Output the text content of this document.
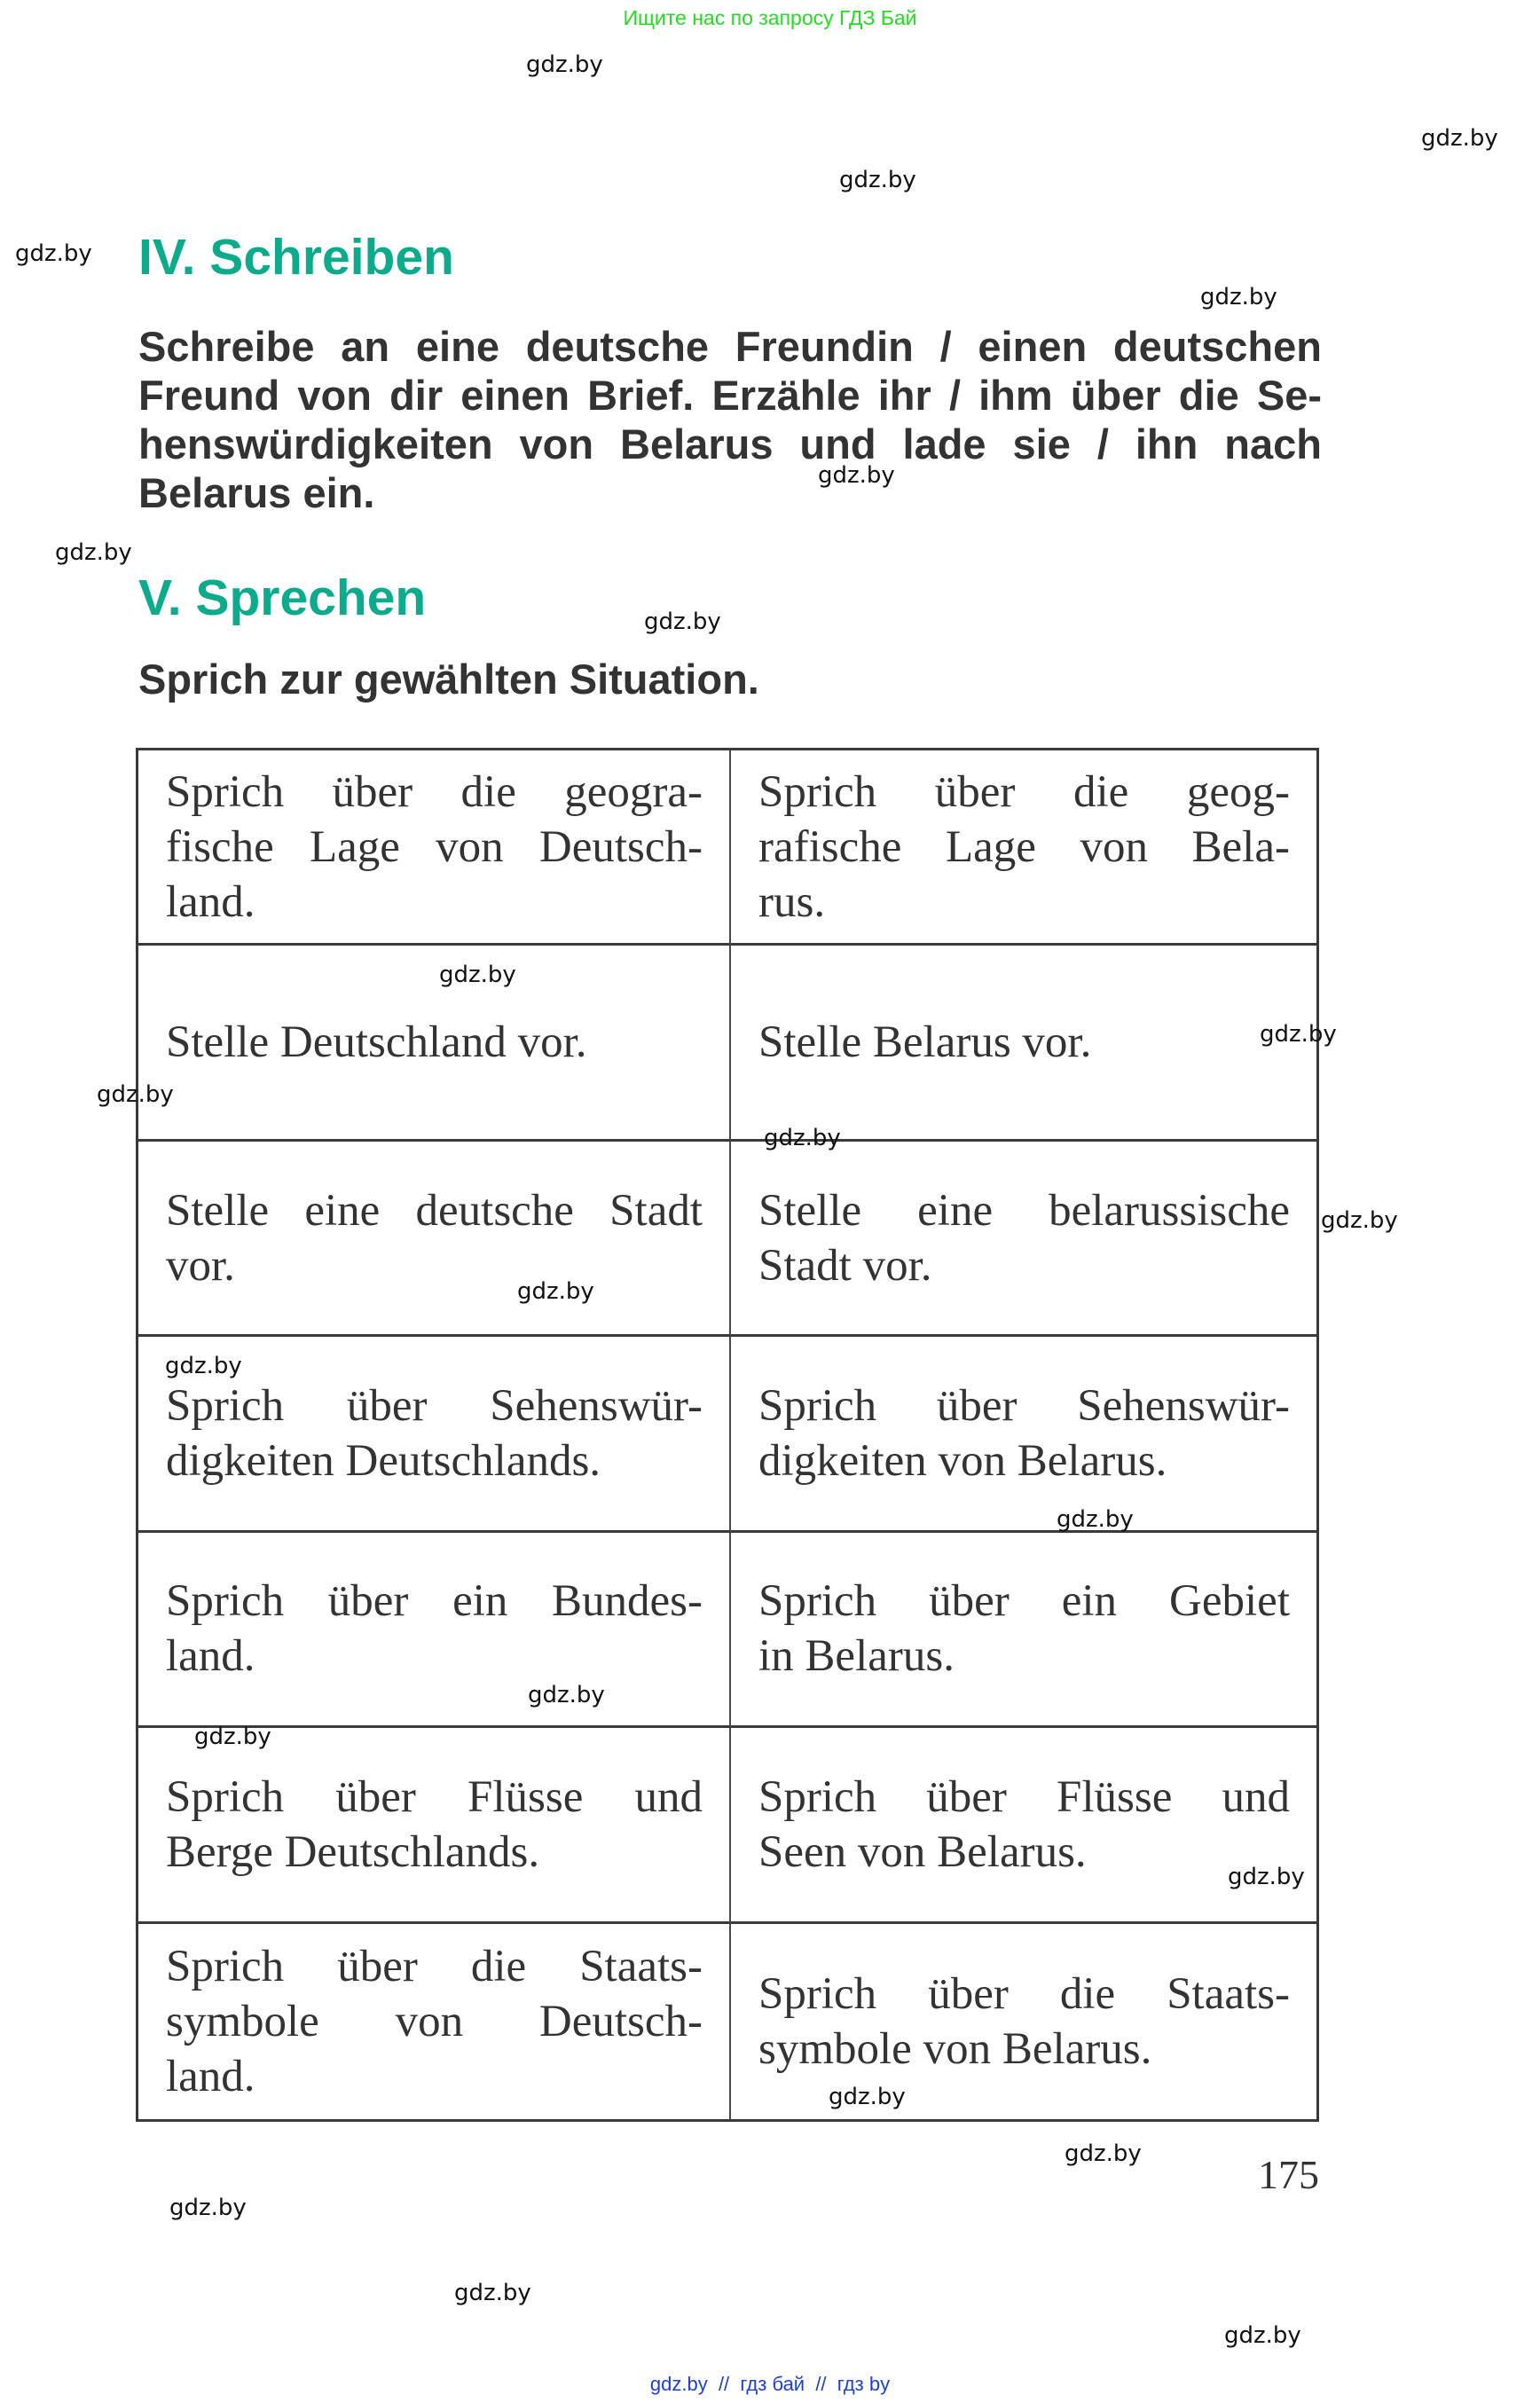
Ищите нас по запросу ГДЗ Бай
IV. Schreiben
Schreibe an eine deutsche Freundin / einen deutschen
Freund von dir einen Brief. Erzähle ihr / ihm über die Se-
henswürdigkeiten von Belarus und lade sie / ihn nach
Belarus ein.
V. Sprechen
Sprich zur gewählten Situation.
Sprich über die geogra-
fische Lage von Deutsch-
land.
Sprich über die geog-
rafische Lage von Bela-
rus.
Stelle Deutschland vor.	Stelle Belarus vor.
Stelle eine deutsche Stadt
vor.
Stelle eine belarussische
Stadt vor.
Sprich über Sehenswür-
digkeiten Deutschlands.
Sprich über Sehenswür-
digkeiten von Belarus.
Sprich über ein Bundes-
land.
Sprich über ein Gebiet
in Belarus.
Sprich über Flüsse und
Berge Deutschlands.
Sprich über Flüsse und
Seen von Belarus.
Sprich über die Staats-
symbole von Deutsch-
land.
Sprich über die Staats-
symbole von Belarus.
175
gdz.by
gdz.by
gdz.by
gdz.by
gdz.by
gdz.by
gdz.by
gdz.by
gdz.by
gdz.by
gdz.by
gdz.by
gdz.by
gdz.by
gdz.by
gdz.by
gdz.by
gdz.by
gdz.by
gdz.by
gdz.by
gdz.by
gdz.by
gdz.by
gdz.by  //  гдз бай  //  гдз by
